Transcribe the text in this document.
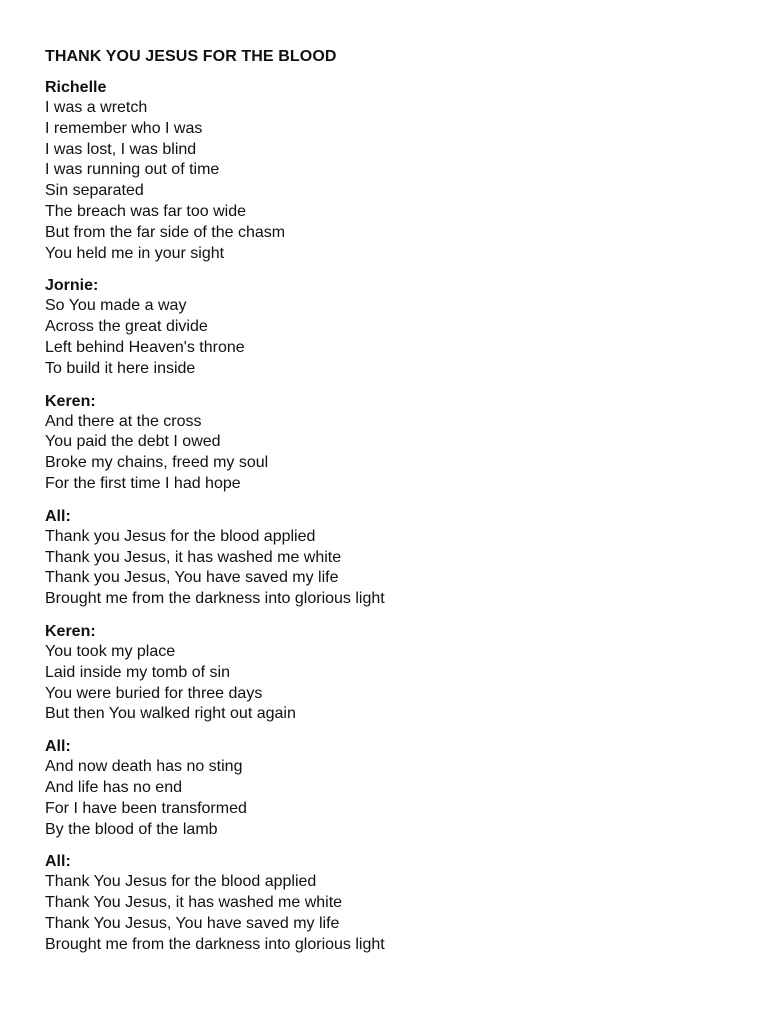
THANK YOU JESUS FOR THE BLOOD
Richelle
I was a wretch
I remember who I was
I was lost, I was blind
I was running out of time
Sin separated
The breach was far too wide
But from the far side of the chasm
You held me in your sight
Jornie:
So You made a way
Across the great divide
Left behind Heaven's throne
To build it here inside
Keren:
And there at the cross
You paid the debt I owed
Broke my chains, freed my soul
For the first time I had hope
All:
Thank you Jesus for the blood applied
Thank you Jesus, it has washed me white
Thank you Jesus, You have saved my life
Brought me from the darkness into glorious light
Keren:
You took my place
Laid inside my tomb of sin
You were buried for three days
But then You walked right out again
All:
And now death has no sting
And life has no end
For I have been transformed
By the blood of the lamb
All:
Thank You Jesus for the blood applied
Thank You Jesus, it has washed me white
Thank You Jesus, You have saved my life
Brought me from the darkness into glorious light
